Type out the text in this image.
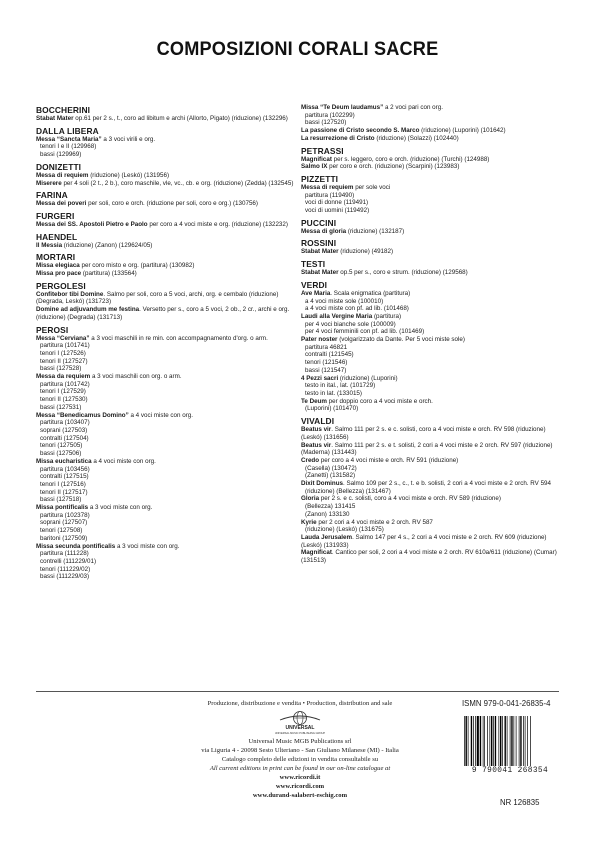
COMPOSIZIONI CORALI SACRE
BOCCHERINI
Stabat Mater op.61 per 2 s., t., coro ad libitum e archi (Allorto, Pigato) (riduzione) (132296)
DALLA LIBERA
Messa “Sancta Maria” a 3 voci virili e org.
tenori I e II (129968)
bassi (129969)
DONIZETTI
Messa di requiem (riduzione) (Leskó) (131956)
Miserere per 4 soli (2 t., 2 b.), coro maschile, vle, vc., cb. e org. (riduzione) (Zedda) (132545)
FARINA
Messa dei poveri per soli, coro e orch. (riduzione per soli, coro e org.) (130756)
FURGERI
Messa dei SS. Apostoli Pietro e Paolo per coro a 4 voci miste e org. (riduzione) (132232)
HAENDEL
Il Messia (riduzione) (Zanon) (129624/05)
MORTARI
Missa elegiaca per coro misto e org. (partitura) (130982)
Missa pro pace (partitura) (133564)
PERGOLESI
Confitebor tibi Domine. Salmo per soli, coro a 5 voci, archi, org. e cembalo (riduzione) (Degrada, Leskó) (131723)
Domine ad adjuvandum me festina. Versetto per s., coro a 5 voci, 2 ob., 2 cr., archi e org. (riduzione) (Degrada) (131713)
PEROSI
Messa “Cerviana” a 3 voci maschili in re min. con accompagnamento d'org. o arm.
partitura (101741)
tenori I (127526)
tenori II (127527)
bassi (127528)
Messa da requiem a 3 voci maschili con org. o arm.
partitura (101742)
tenori I (127529)
tenori II (127530)
bassi (127531)
Messa “Benedicamus Domino” a 4 voci miste con org.
partitura (103407)
soprani (127503)
contralti (127504)
tenori (127505)
bassi (127506)
Missa eucharistica a 4 voci miste con org.
partitura (103456)
contralti (127515)
tenori I (127516)
tenori II (127517)
bassi (127518)
Missa pontificalis a 3 voci miste con org.
partitura (102378)
soprani (127507)
tenori (127508)
baritoni (127509)
Missa secunda pontificalis a 3 voci miste con org.
partitura (111228)
contrelli (111229/01)
tenori (111229/02)
bassi (111229/03)
Missa “Te Deum laudamus” a 2 voci pari con org.
partitura (102299)
bassi (127520)
La passione di Cristo secondo S. Marco (riduzione) (Luporini) (101642)
La resurrezione di Cristo (riduzione) (Solazzi) (102440)
PETRASSI
Magnificat per s. leggero, coro e orch. (riduzione) (Turchi) (124988)
Salmo IX per coro e orch. (riduzione) (Scarpini) (123983)
PIZZETTI
Messa di requiem per sole voci
partitura (119490)
voci di donne (119491)
voci di uomini (119492)
PUCCINI
Messa di gloria (riduzione) (132187)
ROSSINI
Stabat Mater (riduzione) (49182)
TESTI
Stabat Mater op.5 per s., coro e strum. (riduzione) (129568)
VERDI
Ave Maria. Scala enigmatica (partitura)
a 4 voci miste sole (100010)
a 4 voci miste con pf. ad lib. (101468)
Laudi alla Vergine Maria (partitura)
per 4 voci bianche sole (100009)
per 4 voci femminili con pf. ad lib. (101469)
Pater noster (volgarizzato da Dante. Per 5 voci miste sole)
partitura 46821
contralti (121545)
tenori (121546)
bassi (121547)
4 Pezzi sacri (riduzione) (Luporini)
testo in ital., lat. (101729)
testo in lat. (133015)
Te Deum per doppio coro a 4 voci miste e orch.
(Luporini) (101470)
VIVALDI
Beatus vir. Salmo 111 per 2 s. e c. solisti, coro a 4 voci miste e orch. RV 598 (riduzione) (Leskó) (131656)
Beatus vir. Salmo 111 per 2 s. e t. solisti, 2 cori a 4 voci miste e 2 orch. RV 597 (riduzione) (Maderna) (131443)
Credo per coro a 4 voci miste e orch. RV 591 (riduzione)
(Casella) (130472)
(Zanetti) (131582)
Dixit Dominus. Salmo 109 per 2 s., c., t. e b. solisti, 2 cori a 4 voci miste e 2 orch. RV 594
(riduzione) (Bellezza) (131467)
Gloria per 2 s. e c. solisti, coro a 4 voci miste e orch. RV 589 (riduzione)
(Bellezza) 131415
(Zanon) 133130
Kyrie per 2 cori a 4 voci miste e 2 orch. RV 587
(riduzione) (Leskó) (131675)
Lauda Jerusalem. Salmo 147 per 4 s., 2 cori a 4 voci miste e 2 orch. RV 609 (riduzione) (Leskó) (131933)
Magnificat. Cantico per soli, 2 cori a 4 voci miste e 2 orch. RV 610a/611 (riduzione) (Cumar) (131513)
Produzione, distribuzione e vendita • Production, distribution and sale
UNIVERSAL
UNIVERSAL MUSIC PUBLISHING GROUP
Universal Music MGB Publications srl
via Liguria 4 - 20098 Sesto Ulteriano - San Giuliano Milanese (MI) - Italia
Catalogo completo delle edizioni in vendita consultabile su
All current editions in print can be found in our on-line catalogue at
www.ricordi.it
www.ricordi.com
www.durand-salabert-eschig.com
ISMN 979-0-041-26835-4
9 790041 268354
NR 126835
